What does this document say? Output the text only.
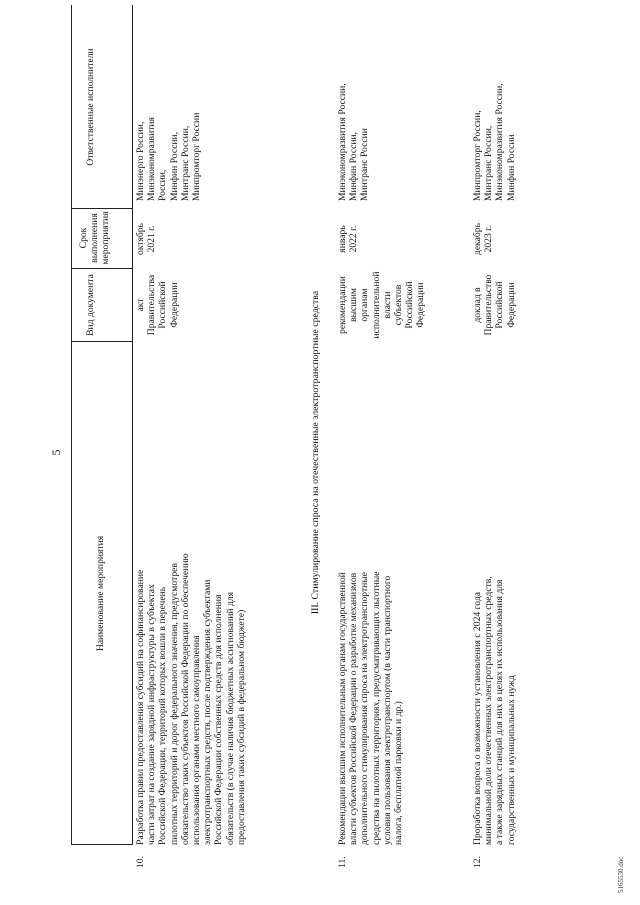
5
Наименование мероприятия
Вид документа
Срок выполнения мероприятия
Ответственные исполнители
10.
Разработка правил предоставления субсидий на софинансирование части затрат на создание зарядной инфраструктуры в субъектах Российской Федерации, территорий которых вошли в перечень пилотных территорий и дорог федерального значения, предусмотрев обязательство таких субъектов Российской Федерации по обеспечению использования органами местного самоуправления электротранспортных средств, после подтверждения субъектами Российской Федерации собственных средств для исполнения обязательств (в случае наличия бюджетных ассигнований для предоставления таких субсидий в федеральном бюджете)
акт Правительства Российской Федерации
октябрь 2021 г.
Минэнерго России, Минэкономразвития России, Минфин России, Минтранс России, Минпромторг России
III. Стимулирование спроса на отечественные электротранспортные средства
11.
Рекомендации высшим исполнительным органам государственной власти субъектов Российской Федерации о разработке механизмов дополнительного стимулирования спроса на электротранспортные средства на пилотных территориях, предусматривающих льготные условия пользования электротранспортом (в части транспортного налога, бесплатной парковки и др.)
рекомендации высшим органам исполнительной власти субъектов Российской Федерации
январь 2022 г.
Минэкономразвития России, Минфин России, Минтранс России
12.
Проработка вопроса о возможности установления с 2024 года минимальной доли отечественных электротранспортных средств, а также зарядных станций для них в целях их использования для государственных и муниципальных нужд
доклад в Правительство Российской Федерации
декабрь 2023 г.
Минпромторг России, Минтранс России, Минэкономразвития России, Минфин России
5165530.doc
